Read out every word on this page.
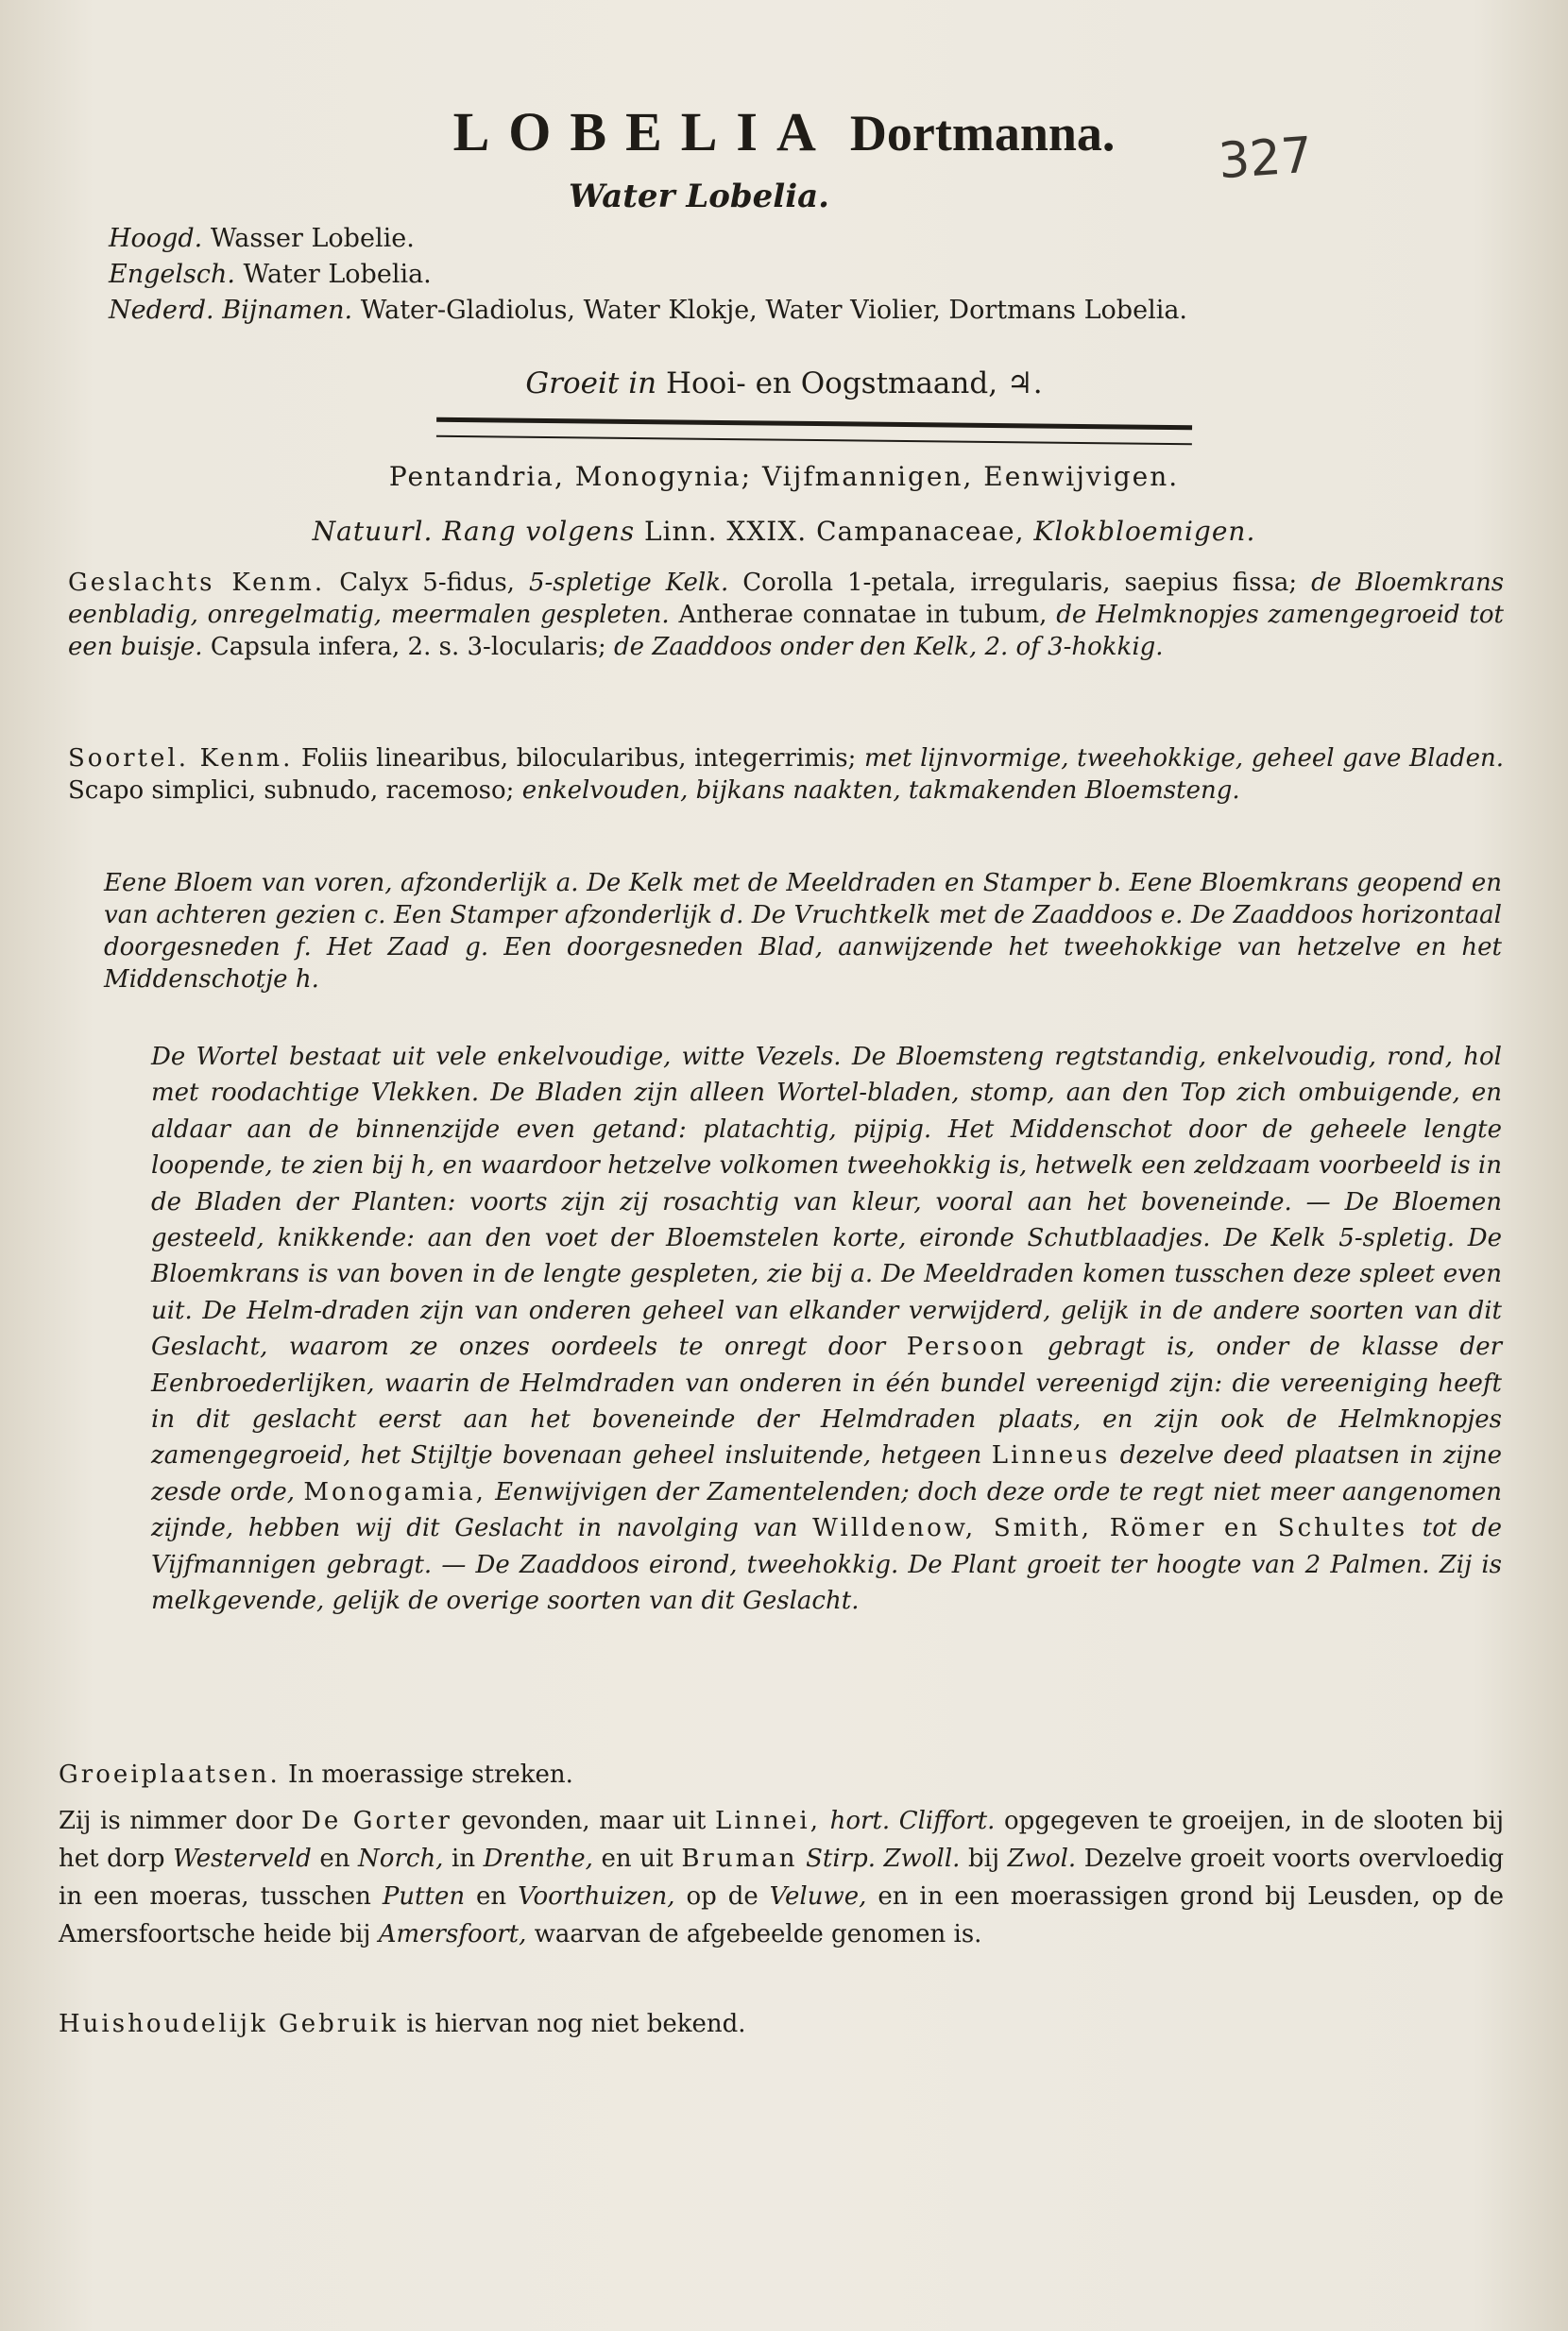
LOBELIA Dortmanna.	327
Water Lobelia.
Hoogd. Wasser Lobelie.
Engelsch. Water Lobelia.
Nederd. Bijnamen. Water-Gladiolus, Water Klokje, Water Violier, Dortmans Lobelia.
Groeit in Hooi- en Oogstmaand, ♃.
Pentandria, Monogynia; Vijfmannigen, Eenwijvigen.
Natuurl. Rang volgens Linn. XXIX. Campanaceae, Klokbloemigen.
Geslachts Kenm. Calyx 5-fidus, 5-spletige Kelk. Corolla 1-petala, irregularis, saepius fissa; de Bloemkrans eenbladig, onregelmatig, meermalen gespleten. Antherae connatae in tubum, de Helmknopjes zamengegroeid tot een buisje. Capsula infera, 2. s. 3-locularis; de Zaaddoos onder den Kelk, 2. of 3-hokkig.
Soortel. Kenm. Foliis linearibus, bilocularibus, integerrimis; met lijnvormige, tweehokkige, geheel gave Bladen. Scapo simplici, subnudo, racemoso; enkelvouden, bijkans naakten, takmakenden Bloemsteng.
Eene Bloem van voren, afzonderlijk a. De Kelk met de Meeldraden en Stamper b. Eene Bloemkrans geopend en van achteren gezien c. Een Stamper afzonderlijk d. De Vruchtkelk met de Zaaddoos e. De Zaaddoos horizontaal doorgesneden f. Het Zaad g. Een doorgesneden Blad, aanwijzende het tweehokkige van hetzelve en het Middenschotje h.
De Wortel bestaat uit vele enkelvoudige, witte Vezels. De Bloemsteng regtstandig, enkelvoudig, rond, hol met roodachtige Vlekken. De Bladen zijn alleen Wortel-bladen, stomp, aan den Top zich ombuigende, en aldaar aan de binnenzijde even getand: platachtig, pijpig. Het Middenschot door de geheele lengte loopende, te zien bij h, en waardoor hetzelve volkomen tweehokkig is, hetwelk een zeldzaam voorbeeld is in de Bladen der Planten: voorts zijn zij rosachtig van kleur, vooral aan het boveneinde. — De Bloemen gesteeld, knikkende: aan den voet der Bloemstelen korte, eironde Schutblaadjes. De Kelk 5-spletig. De Bloemkrans is van boven in de lengte gespleten, zie bij a. De Meeldraden komen tusschen deze spleet even uit. De Helm-draden zijn van onderen geheel van elkander verwijderd, gelijk in de andere soorten van dit Geslacht, waarom ze onzes oordeels te onregt door Persoon gebragt is, onder de klasse der Eenbroederlijken, waarin de Helmdraden van onderen in één bundel vereenigd zijn: die vereeniging heeft in dit geslacht eerst aan het boveneinde der Helmdraden plaats, en zijn ook de Helmknopjes zamengegroeid, het Stijltje bovenaan geheel insluitende, hetgeen Linneus dezelve deed plaatsen in zijne zesde orde, Monogamia, Eenwijvigen der Zamentelenden; doch deze orde te regt niet meer aangenomen zijnde, hebben wij dit Geslacht in navolging van Willdenow, Smith, Römer en Schultes tot de Vijfmannigen gebragt. — De Zaaddoos eirond, tweehokkig. De Plant groeit ter hoogte van 2 Palmen. Zij is melkgevende, gelijk de overige soorten van dit Geslacht.
Groeiplaatsen. In moerassige streken.
Zij is nimmer door De Gorter gevonden, maar uit Linnei, hort. Cliffort. opgegeven te groeijen, in de slooten bij het dorp Westerveld en Norch, in Drenthe, en uit Bruman Stirp. Zwoll. bij Zwol. Dezelve groeit voorts overvloedig in een moeras, tusschen Putten en Voorthuizen, op de Veluwe, en in een moerassigen grond bij Leusden, op de Amersfoortsche heide bij Amersfoort, waarvan de afgebeelde genomen is.
Huishoudelijk Gebruik is hiervan nog niet bekend.
